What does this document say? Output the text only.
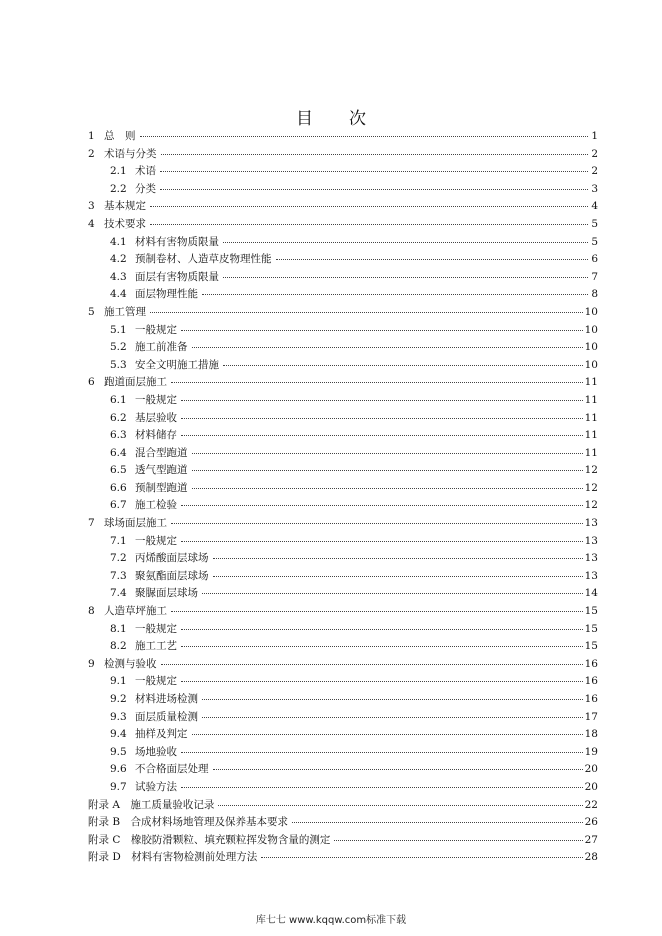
目 次
1 总　则	1
2 术语与分类	2
2.1 术语	2
2.2 分类	3
3 基本规定	4
4 技术要求	5
4.1 材料有害物质限量	5
4.2 预制卷材、人造草皮物理性能	6
4.3 面层有害物质限量	7
4.4 面层物理性能	8
5 施工管理	10
5.1 一般规定	10
5.2 施工前准备	10
5.3 安全文明施工措施	10
6 跑道面层施工	11
6.1 一般规定	11
6.2 基层验收	11
6.3 材料储存	11
6.4 混合型跑道	11
6.5 透气型跑道	12
6.6 预制型跑道	12
6.7 施工检验	12
7 球场面层施工	13
7.1 一般规定	13
7.2 丙烯酸面层球场	13
7.3 聚氨酯面层球场	13
7.4 聚脲面层球场	14
8 人造草坪施工	15
8.1 一般规定	15
8.2 施工工艺	15
9 检测与验收	16
9.1 一般规定	16
9.2 材料进场检测	16
9.3 面层质量检测	17
9.4 抽样及判定	18
9.5 场地验收	19
9.6 不合格面层处理	20
9.7 试验方法	20
附录 A　施工质量验收记录	22
附录 B　合成材料场地管理及保养基本要求	26
附录 C　橡胶防滑颗粒、填充颗粒挥发物含量的测定	27
附录 D　材料有害物检测前处理方法	28
库七七 www.kqqw.com标准下载
